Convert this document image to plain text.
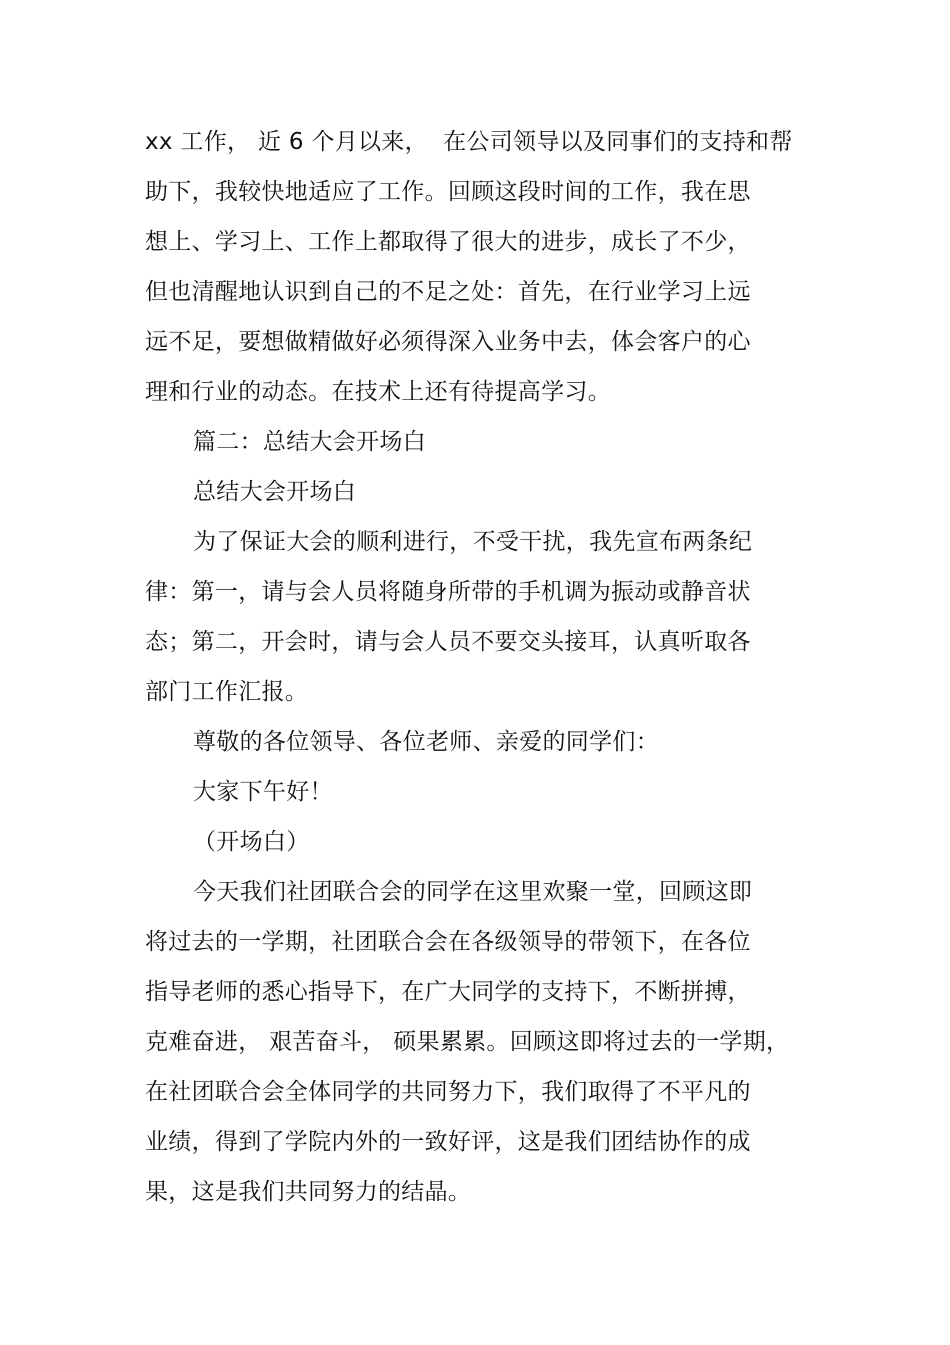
xx 工作， 近 6 个月以来，  在公司领导以及同事们的支持和帮
助下，我较快地适应了工作。回顾这段时间的工作，我在思
想上、学习上、工作上都取得了很大的进步，成长了不少，
但也清醒地认识到自己的不足之处：首先，在行业学习上远
远不足，要想做精做好必须得深入业务中去，体会客户的心
理和行业的动态。在技术上还有待提高学习。
篇二：总结大会开场白
总结大会开场白
为了保证大会的顺利进行，不受干扰，我先宣布两条纪
律：第一，请与会人员将随身所带的手机调为振动或静音状
态；第二，开会时，请与会人员不要交头接耳，认真听取各
部门工作汇报。
尊敬的各位领导、各位老师、亲爱的同学们：
大家下午好！
（开场白）
今天我们社团联合会的同学在这里欢聚一堂，回顾这即
将过去的一学期，社团联合会在各级领导的带领下，在各位
指导老师的悉心指导下，在广大同学的支持下，不断拼搏，
克难奋进， 艰苦奋斗， 硕果累累。回顾这即将过去的一学期，
在社团联合会全体同学的共同努力下，我们取得了不平凡的
业绩，得到了学院内外的一致好评，这是我们团结协作的成
果，这是我们共同努力的结晶。
